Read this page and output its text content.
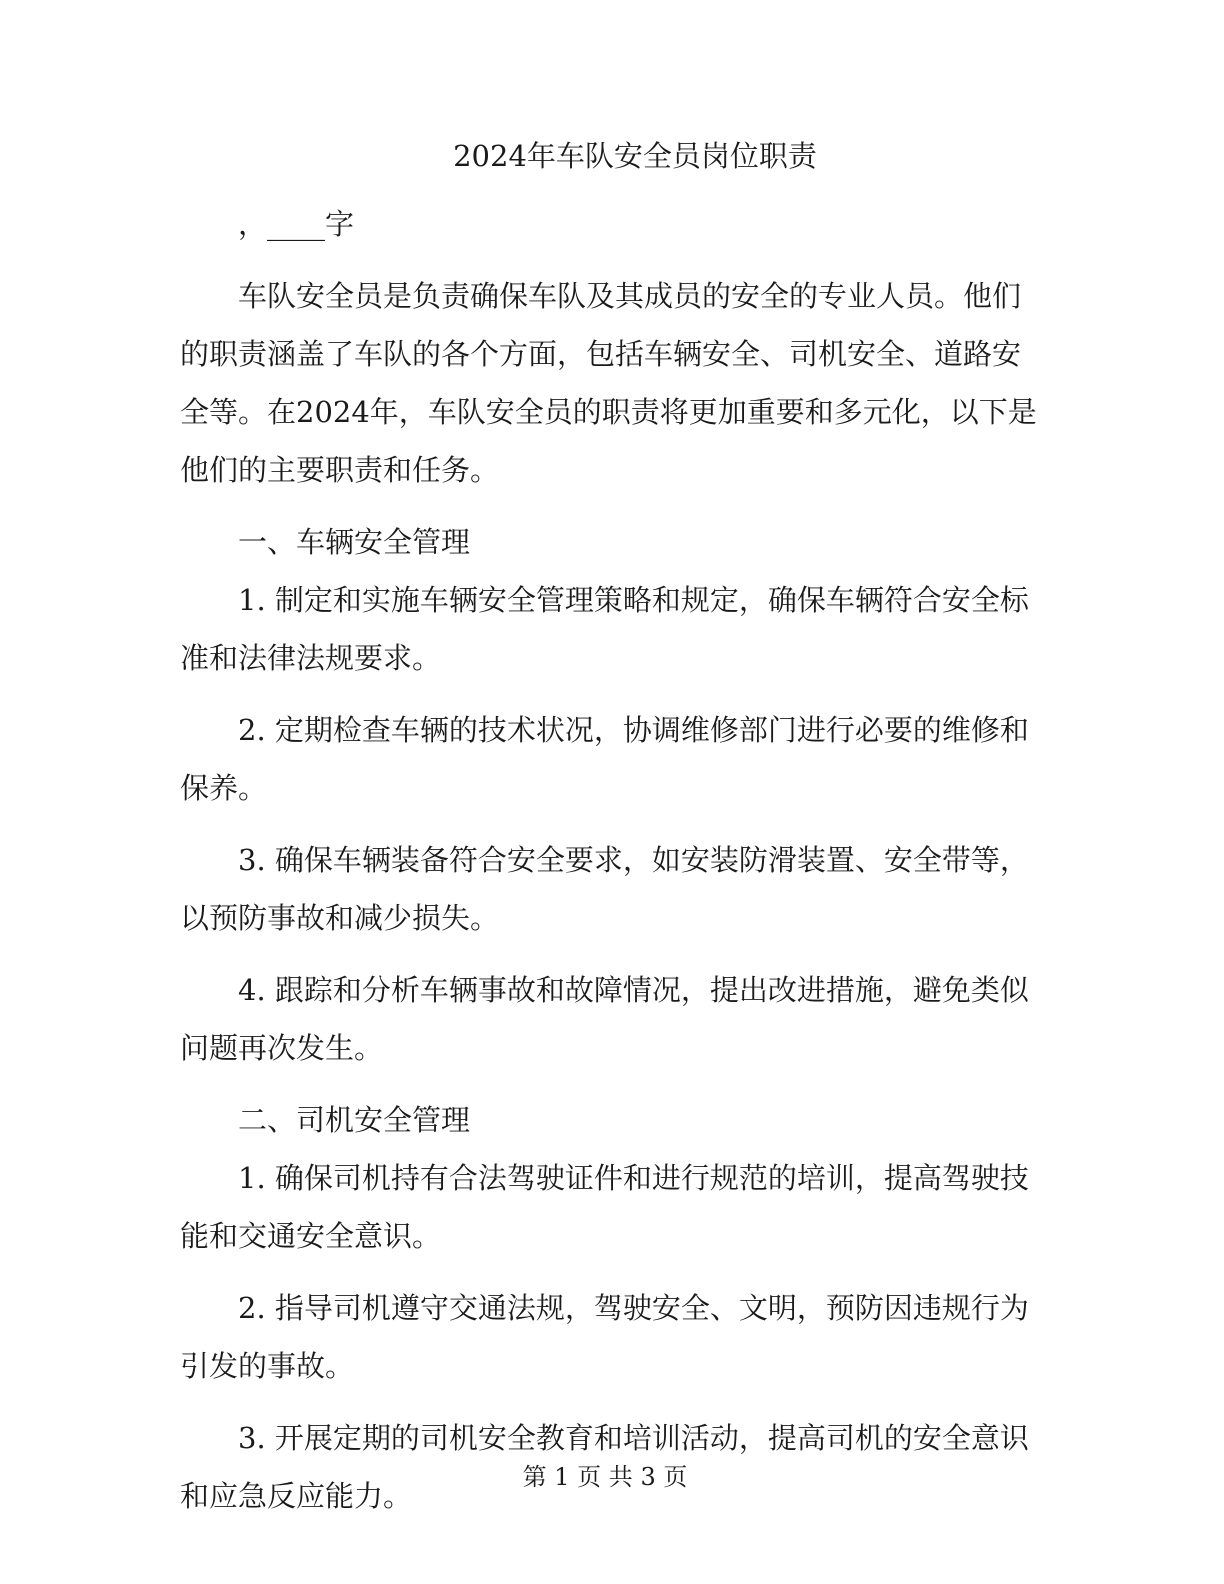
2024年车队安全员岗位职责

，____字

车队安全员是负责确保车队及其成员的安全的专业人员。他们的职责涵盖了车队的各个方面，包括车辆安全、司机安全、道路安全等。在2024年，车队安全员的职责将更加重要和多元化，以下是他们的主要职责和任务。

一、车辆安全管理

1. 制定和实施车辆安全管理策略和规定，确保车辆符合安全标准和法律法规要求。

2. 定期检查车辆的技术状况，协调维修部门进行必要的维修和保养。

3. 确保车辆装备符合安全要求，如安装防滑装置、安全带等，以预防事故和减少损失。

4. 跟踪和分析车辆事故和故障情况，提出改进措施，避免类似问题再次发生。

二、司机安全管理

1. 确保司机持有合法驾驶证件和进行规范的培训，提高驾驶技能和交通安全意识。

2. 指导司机遵守交通法规，驾驶安全、文明，预防因违规行为引发的事故。

3. 开展定期的司机安全教育和培训活动，提高司机的安全意识和应急反应能力。

第 1 页 共 3 页
